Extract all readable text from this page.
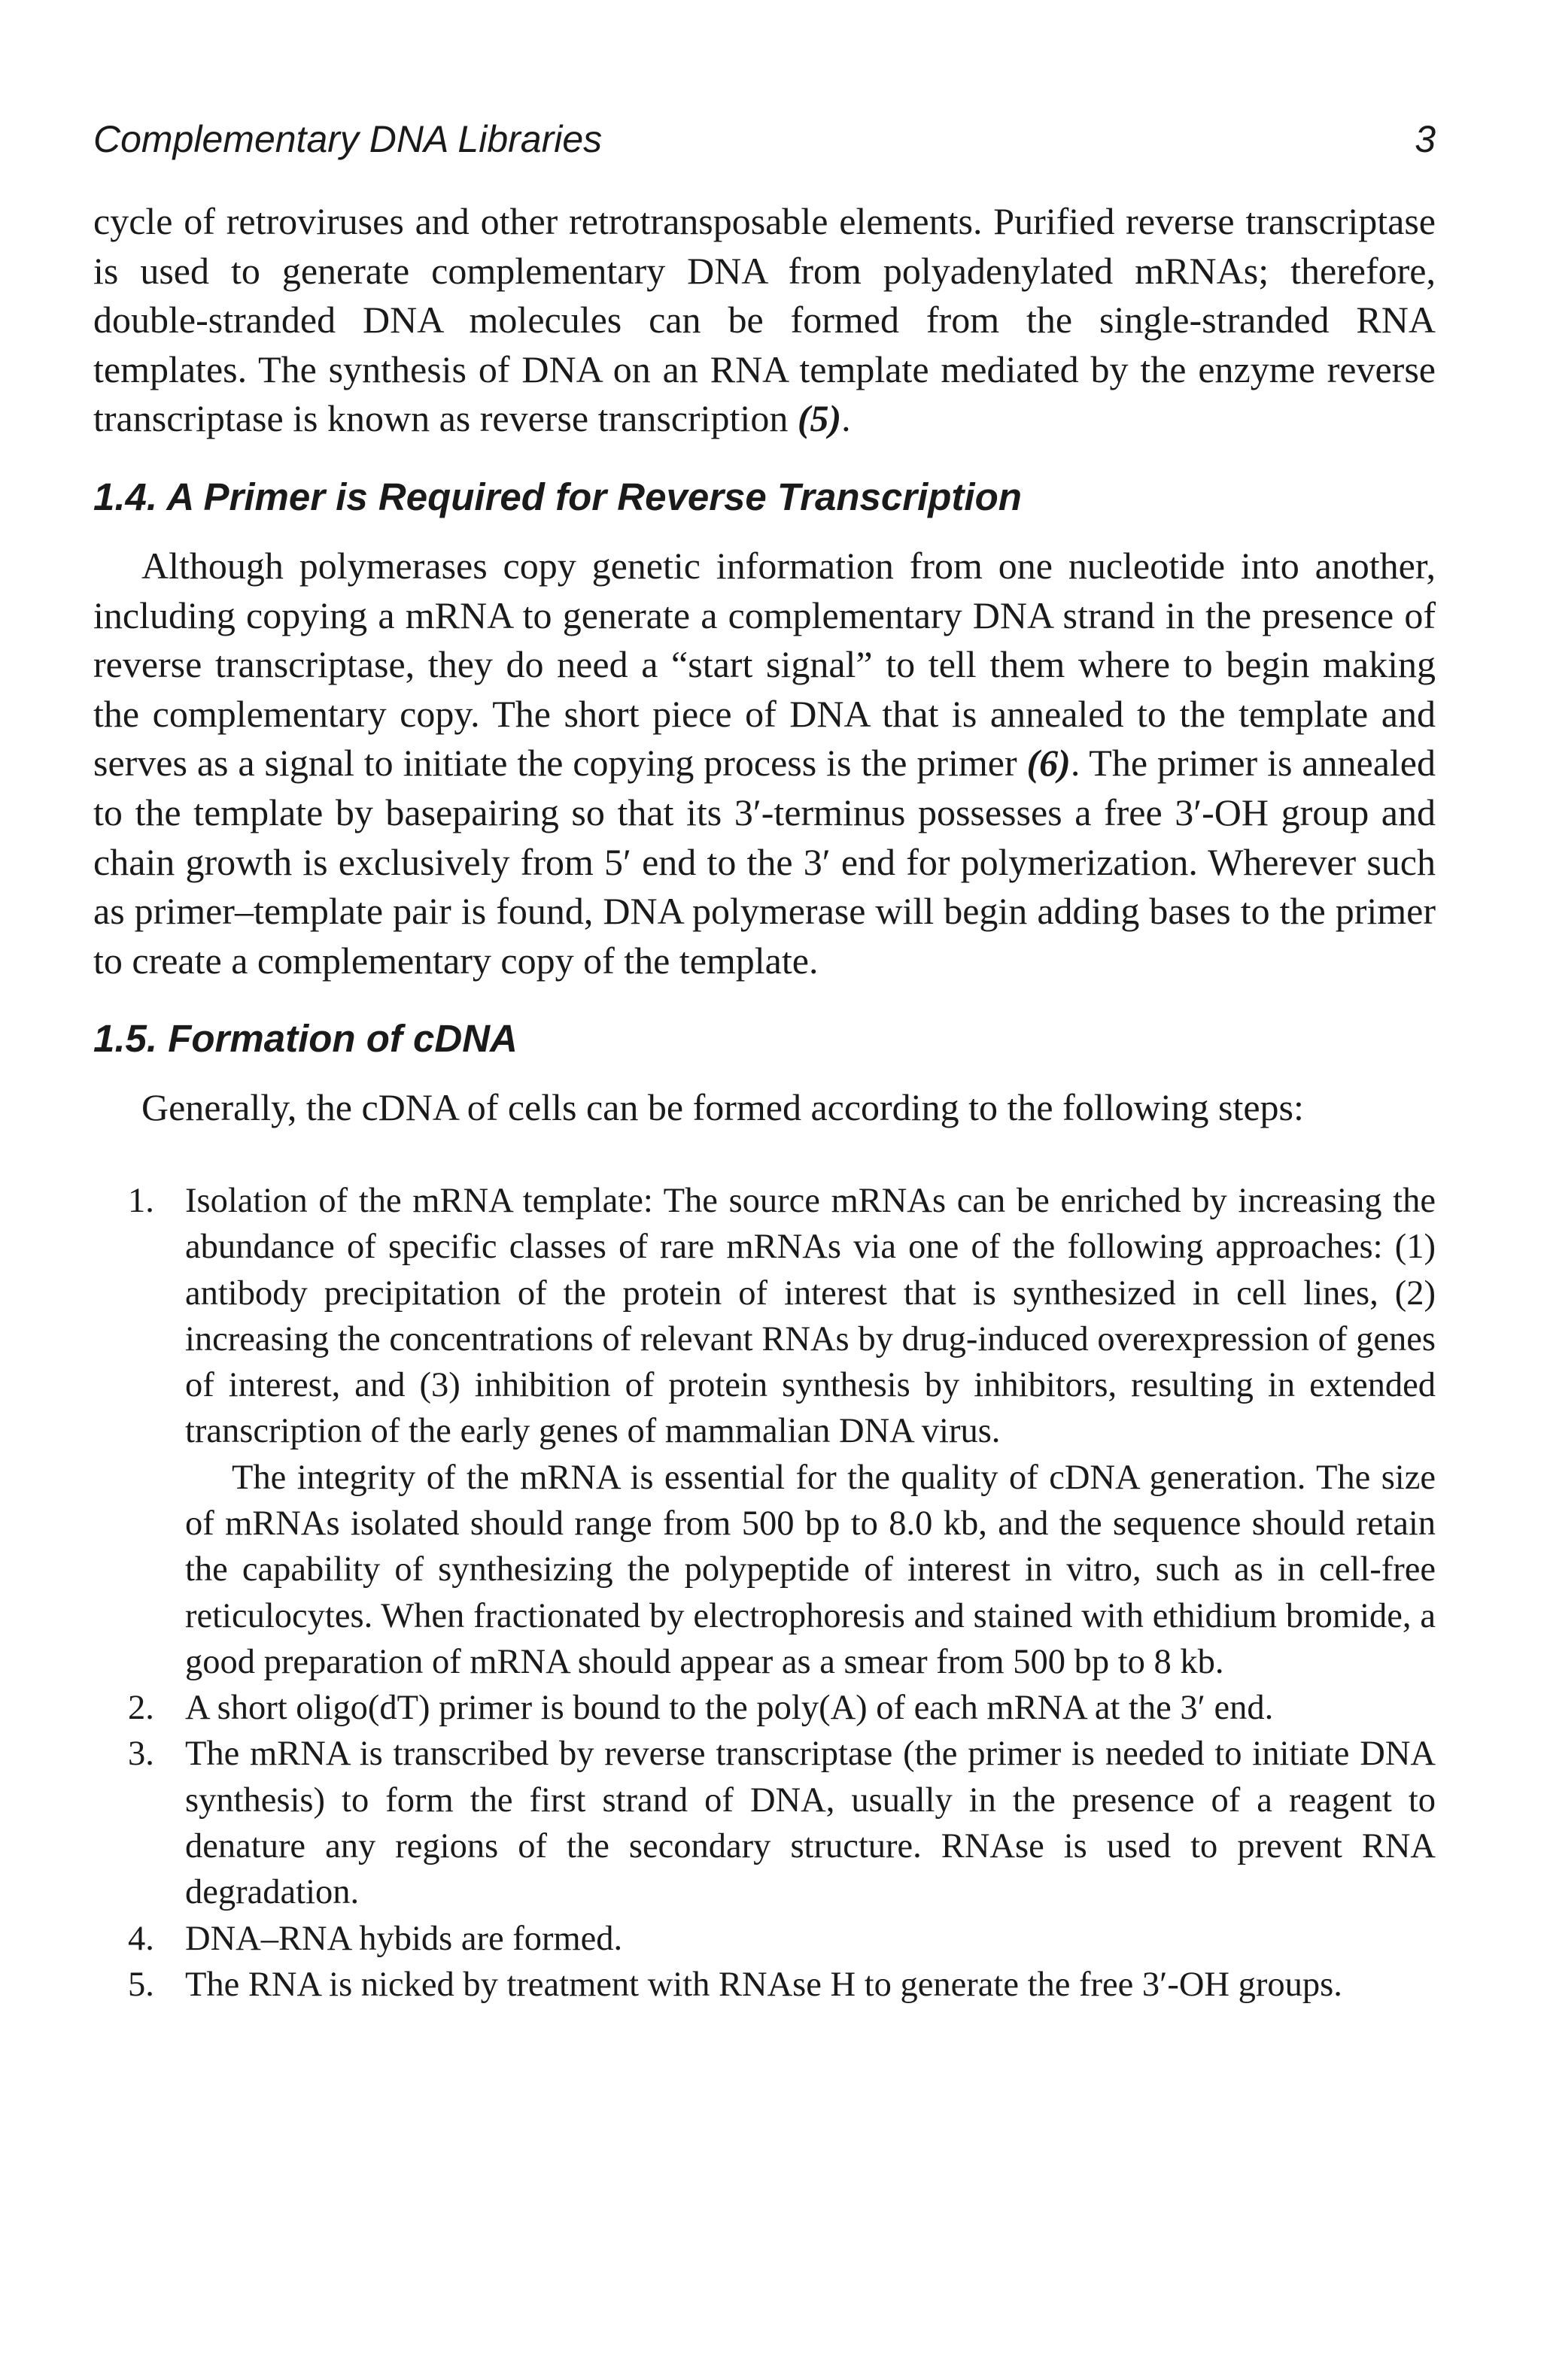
Complementary DNA Libraries	3

cycle of retroviruses and other retrotransposable elements. Purified reverse transcriptase is used to generate complementary DNA from polyadenylated mRNAs; therefore, double-stranded DNA molecules can be formed from the single-stranded RNA templates. The synthesis of DNA on an RNA template mediated by the enzyme reverse transcriptase is known as reverse transcription (5).

1.4. A Primer is Required for Reverse Transcription

Although polymerases copy genetic information from one nucleotide into another, including copying a mRNA to generate a complementary DNA strand in the presence of reverse transcriptase, they do need a “start signal” to tell them where to begin making the complementary copy. The short piece of DNA that is annealed to the template and serves as a signal to initiate the copying process is the primer (6). The primer is annealed to the template by basepairing so that its 3′-terminus possesses a free 3′-OH group and chain growth is exclusively from 5′ end to the 3′ end for polymerization. Wherever such as primer–template pair is found, DNA polymerase will begin adding bases to the primer to create a complementary copy of the template.

1.5. Formation of cDNA

Generally, the cDNA of cells can be formed according to the following steps:

1. Isolation of the mRNA template: The source mRNAs can be enriched by increasing the abundance of specific classes of rare mRNAs via one of the following approaches: (1) antibody precipitation of the protein of interest that is synthesized in cell lines, (2) increasing the concentrations of relevant RNAs by drug-induced overexpression of genes of interest, and (3) inhibition of protein synthesis by inhibitors, resulting in extended transcription of the early genes of mammalian DNA virus.

The integrity of the mRNA is essential for the quality of cDNA generation. The size of mRNAs isolated should range from 500 bp to 8.0 kb, and the sequence should retain the capability of synthesizing the polypeptide of interest in vitro, such as in cell-free reticulocytes. When fractionated by electrophoresis and stained with ethidium bromide, a good preparation of mRNA should appear as a smear from 500 bp to 8 kb.

2. A short oligo(dT) primer is bound to the poly(A) of each mRNA at the 3′ end.

3. The mRNA is transcribed by reverse transcriptase (the primer is needed to initiate DNA synthesis) to form the first strand of DNA, usually in the presence of a reagent to denature any regions of the secondary structure. RNAse is used to prevent RNA degradation.

4. DNA–RNA hybids are formed.

5. The RNA is nicked by treatment with RNAse H to generate the free 3′-OH groups.
